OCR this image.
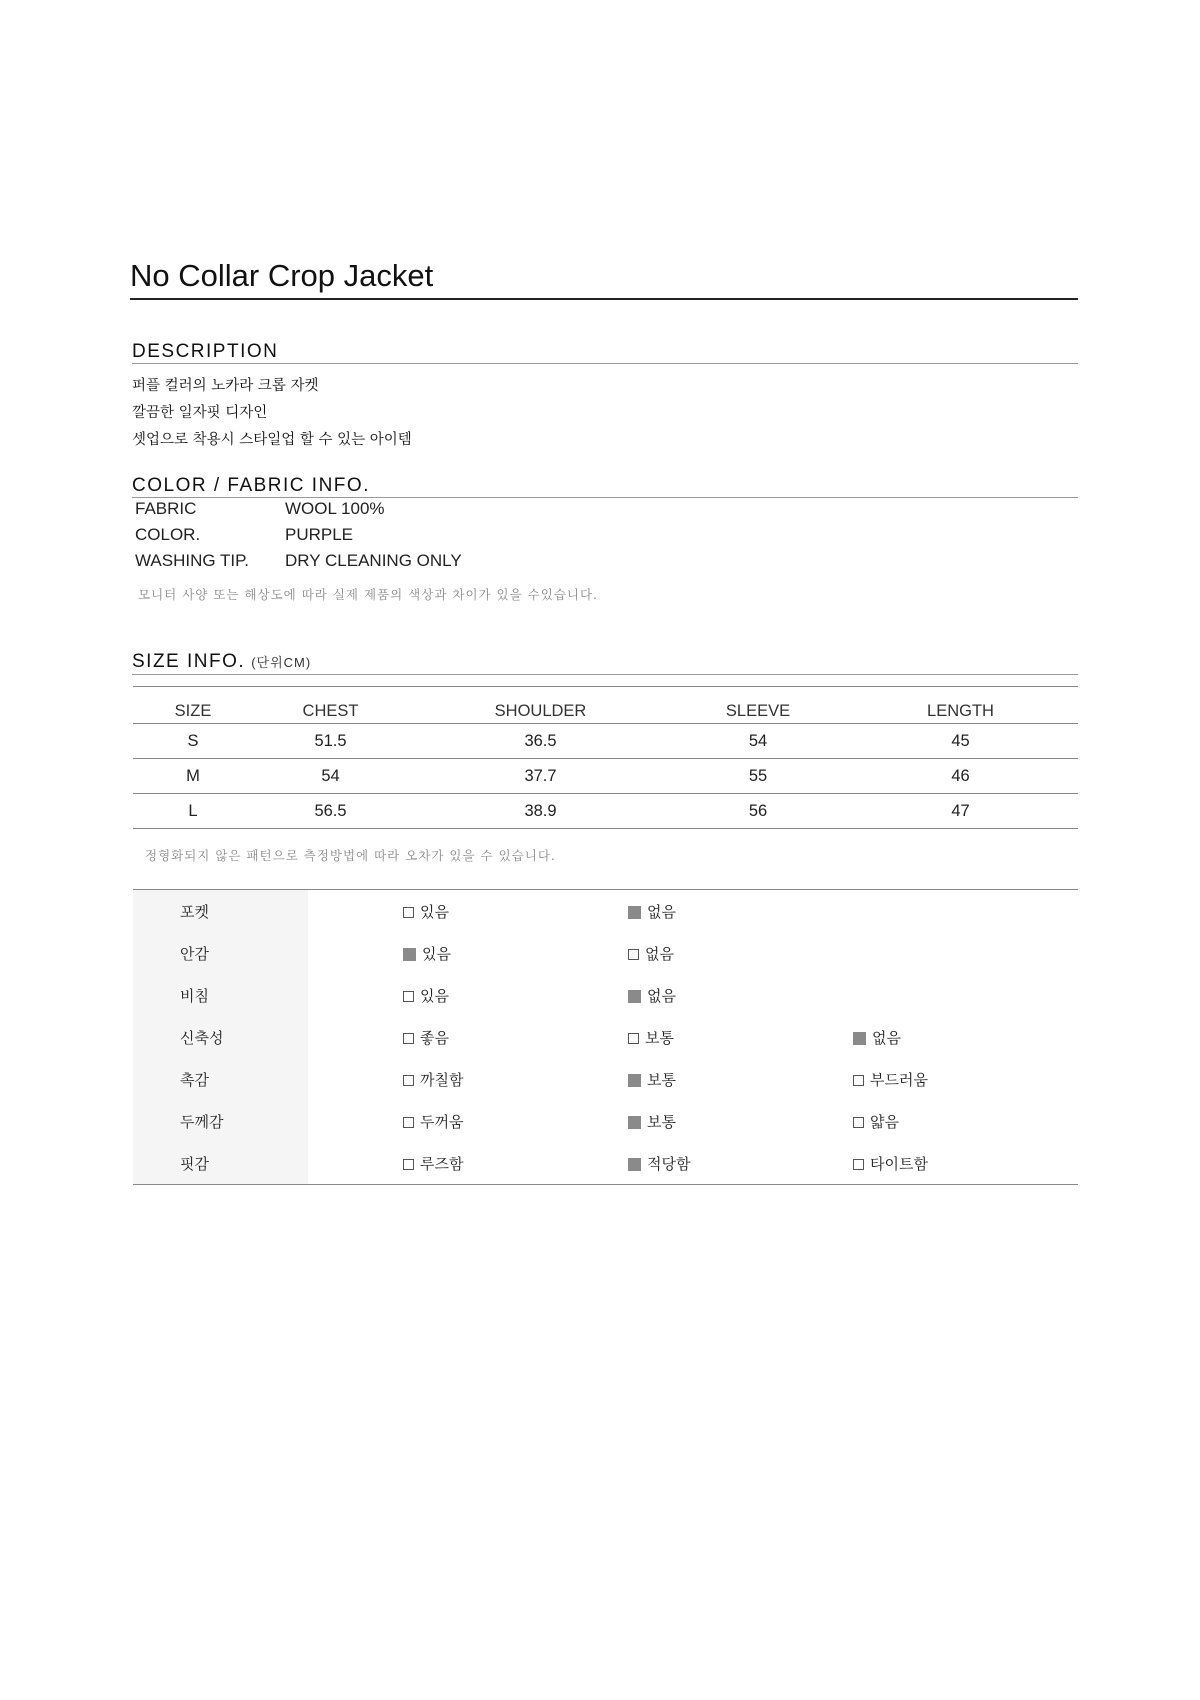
No Collar Crop Jacket
DESCRIPTION
퍼플 컬러의 노카라 크롭 자켓
깔끔한 일자핏 디자인
셋업으로 착용시 스타일업 할 수 있는 아이템
COLOR / FABRIC INFO.
FABRIC	WOOL 100%
COLOR.	PURPLE
WASHING TIP. DRY CLEANING ONLY
모니터 사양 또는 해상도에 따라 실제 제품의 색상과 차이가 있을 수있습니다.
SIZE INFO. (단위CM)
SIZE	CHEST	SHOULDER	SLEEVE	LENGTH
S	51.5	36.5	54	45
M	54	37.7	55	46
L	56.5	38.9	56	47
정형화되지 않은 패턴으로 측정방법에 따라 오차가 있을 수 있습니다.
포켓	있음	없음	
안감	있음	없음	
비침	있음	없음	
신축성	좋음	보통	없음
촉감	까칠함	보통	부드러움
두께감	두꺼움	보통	얇음
핏감	루즈함	적당함	타이트함
